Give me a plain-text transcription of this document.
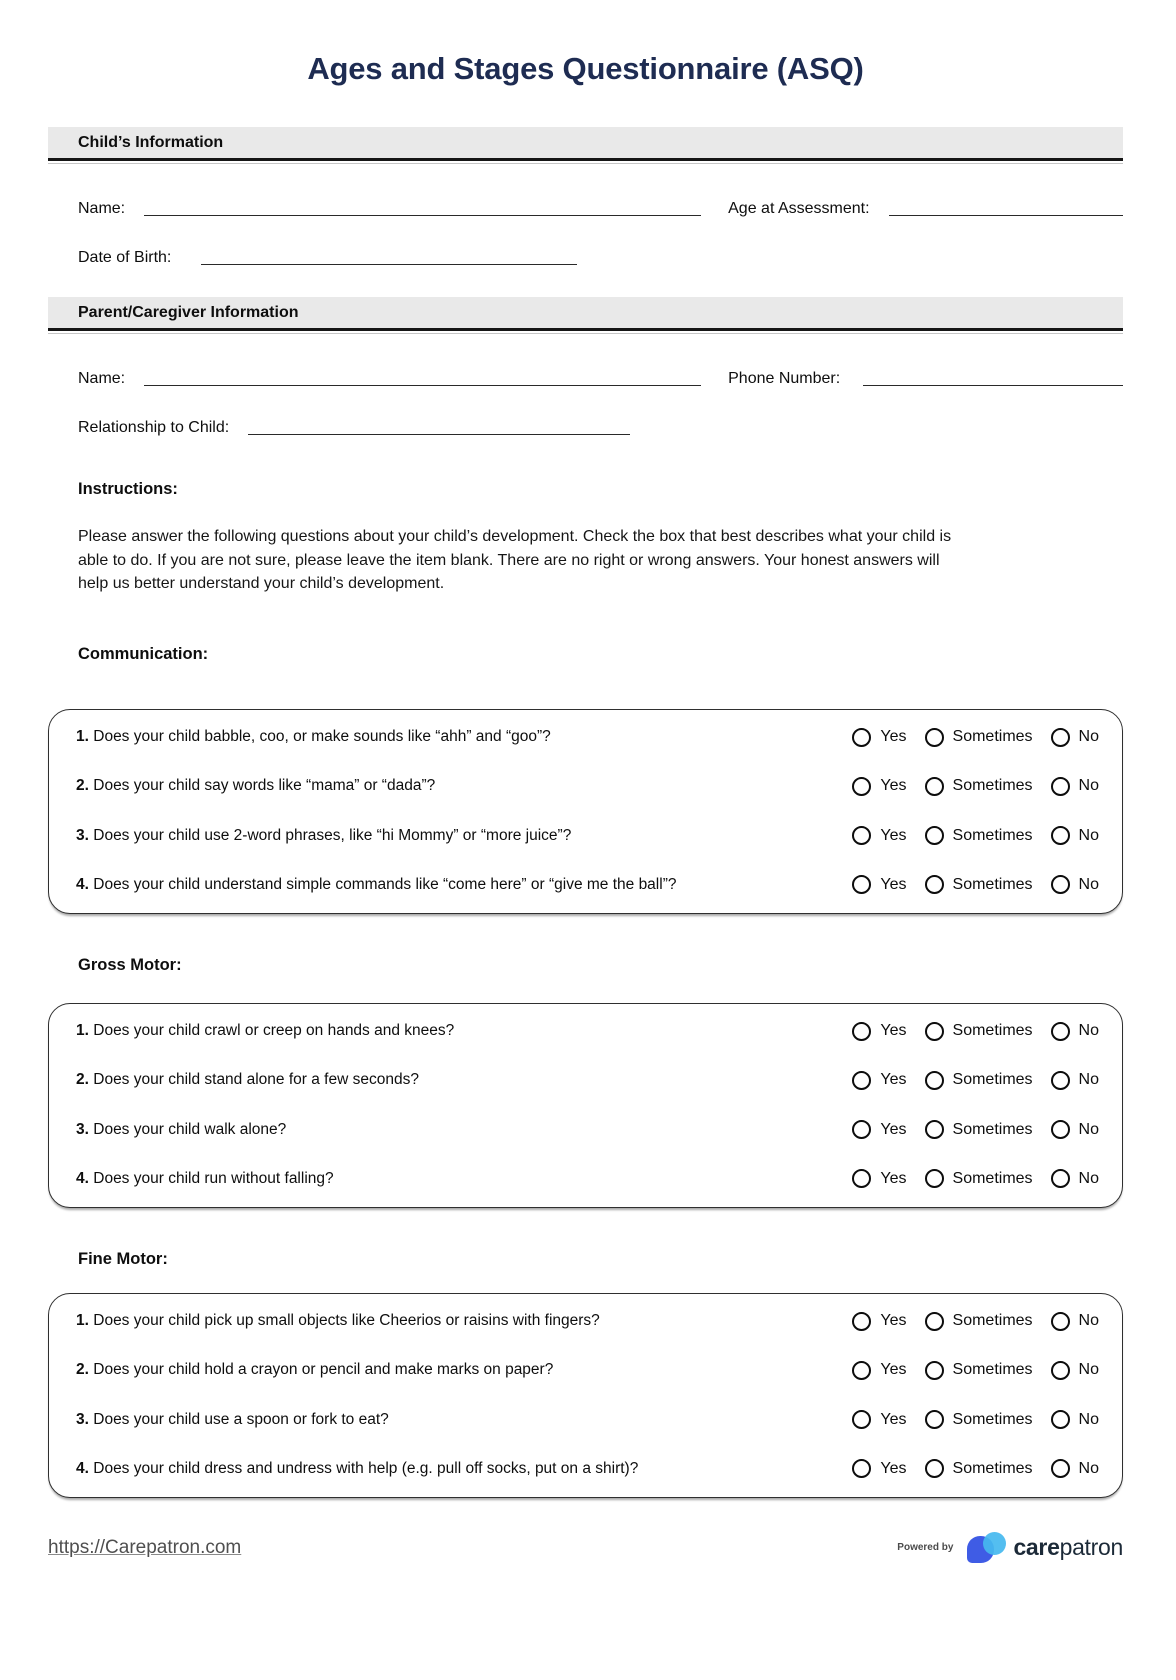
Ages and Stages Questionnaire (ASQ)
Child’s Information
Name:	Age at Assessment:
Date of Birth:
Parent/Caregiver Information
Name:	Phone Number:
Relationship to Child:
Instructions:
Please answer the following questions about your child’s development. Check the box that best describes what your child is
able to do. If you are not sure, please leave the item blank. There are no right or wrong answers. Your honest answers will
help us better understand your child’s development.
Communication:
1. Does your child babble, coo, or make sounds like “ahh” and “goo”?	Yes	Sometimes	No
2. Does your child say words like “mama” or “dada”?	Yes	Sometimes	No
3. Does your child use 2-word phrases, like “hi Mommy” or “more juice”?	Yes	Sometimes	No
4. Does your child understand simple commands like “come here” or “give me the ball”?	Yes	Sometimes	No
Gross Motor:
1. Does your child crawl or creep on hands and knees?	Yes	Sometimes	No
2. Does your child stand alone for a few seconds?	Yes	Sometimes	No
3. Does your child walk alone?	Yes	Sometimes	No
4. Does your child run without falling?	Yes	Sometimes	No
Fine Motor:
1. Does your child pick up small objects like Cheerios or raisins with fingers?	Yes	Sometimes	No
2. Does your child hold a crayon or pencil and make marks on paper?	Yes	Sometimes	No
3. Does your child use a spoon or fork to eat?	Yes	Sometimes	No
4. Does your child dress and undress with help (e.g. pull off socks, put on a shirt)?	Yes	Sometimes	No
https://Carepatron.com	Powered by	carepatron
